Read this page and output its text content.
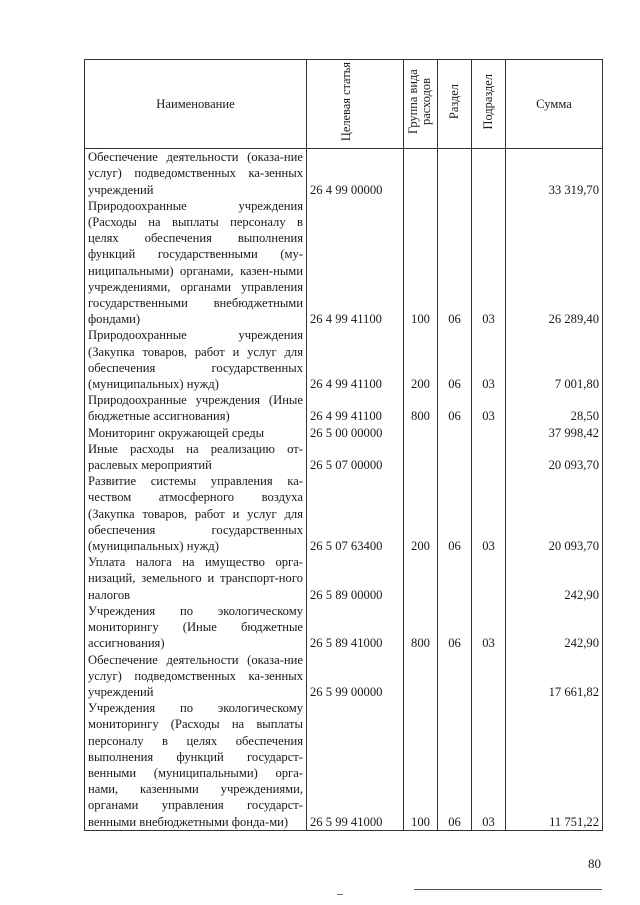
Наименование	Целевая статья	Группа вида расходов	Раздел	Подраздел	Сумма
Обеспечение деятельности (оказа-ние услуг) подведомственных ка-зенных учреждений	26 4 99 00000				33 319,70
Природоохранные учреждения (Расходы на выплаты персоналу в целях обеспечения выполнения функций государственными (му-ниципальными) органами, казен-ными учреждениями, органами управления государственными внебюджетными фондами)	26 4 99 41100	100	06	03	26 289,40
Природоохранные учреждения (Закупка товаров, работ и услуг для обеспечения государственных (муниципальных) нужд)	26 4 99 41100	200	06	03	7 001,80
Природоохранные учреждения (Иные бюджетные ассигнования)	26 4 99 41100	800	06	03	28,50
Мониторинг окружающей среды	26 5 00 00000				37 998,42
Иные расходы на реализацию от-раслевых мероприятий	26 5 07 00000				20 093,70
Развитие системы управления ка-чеством атмосферного воздуха (Закупка товаров, работ и услуг для обеспечения государственных (муниципальных) нужд)	26 5 07 63400	200	06	03	20 093,70
Уплата налога на имущество орга-низаций, земельного и транспорт-ного налогов	26 5 89 00000				242,90
Учреждения по экологическому мониторингу (Иные бюджетные ассигнования)	26 5 89 41000	800	06	03	242,90
Обеспечение деятельности (оказа-ние услуг) подведомственных ка-зенных учреждений	26 5 99 00000				17 661,82
Учреждения по экологическому мониторингу (Расходы на выплаты персоналу в целях обеспечения выполнения функций государст-венными (муниципальными) орга-нами, казенными учреждениями, органами управления государст-венными внебюджетными фонда-ми)	26 5 99 41000	100	06	03	11 751,22
80
